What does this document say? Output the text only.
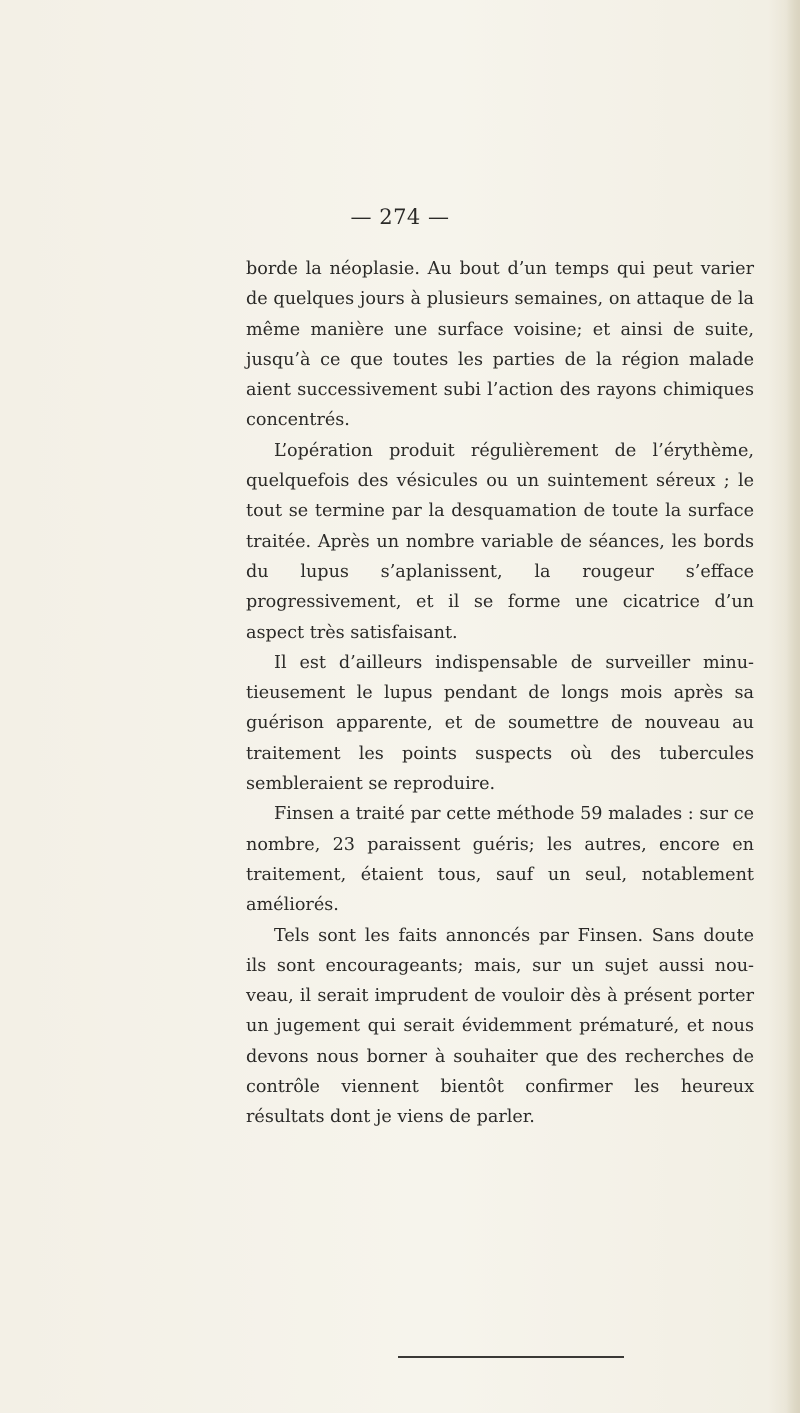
— 274 —

borde la néoplasie. Au bout d’un temps qui peut varier de quelques jours à plusieurs semaines, on attaque de la même manière une surface voisine; et ainsi de suite, jusqu’à ce que toutes les parties de la région malade aient successivement subi l’action des rayons chimiques concentrés.

L’opération produit régulièrement de l’érythème, quelquefois des vésicules ou un suintement séreux ; le tout se termine par la desquamation de toute la surface traitée. Après un nombre variable de séances, les bords du lupus s’aplanissent, la rougeur s’efface progressivement, et il se forme une cicatrice d’un aspect très satisfaisant.

Il est d’ailleurs indispensable de surveiller minutieusement le lupus pendant de longs mois après sa guérison apparente, et de soumettre de nouveau au traitement les points suspects où des tubercules sembleraient se reproduire.

Finsen a traité par cette méthode 59 malades : sur ce nombre, 23 paraissent guéris; les autres, encore en traitement, étaient tous, sauf un seul, notablement améliorés.

Tels sont les faits annoncés par Finsen. Sans doute ils sont encourageants; mais, sur un sujet aussi nouveau, il serait imprudent de vouloir dès à présent porter un jugement qui serait évidemment prématuré, et nous devons nous borner à souhaiter que des recherches de contrôle viennent bientôt confirmer les heureux résultats dont je viens de parler.
